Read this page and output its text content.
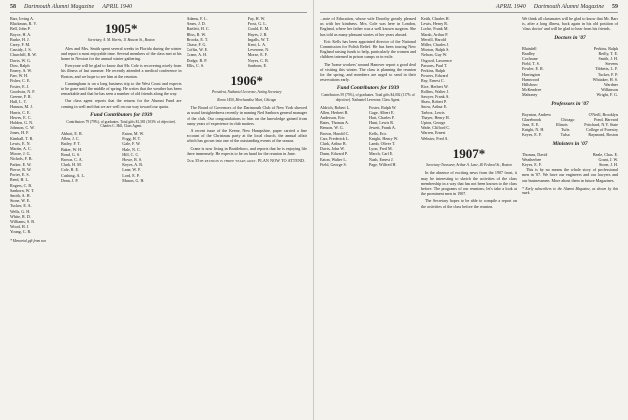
58 Dartmouth Alumni Magazine APRIL 1940
Barr, Irving A.
Blackman, R. V.
Bell, John P.
Boyce, H. A.
Burke, H. J.
Carey, F. M.
Cassidy, J. S.
Churchill, R. W.
Davis, W. G.
Dow, Ralph
Emery, A. W.
Farr, W. H.
Fisher, C. E.
Foster, E. J.
Goodwin, N. F.
Greene, F. R.
Hall, L. T.
Hanson, M. J.
Harris, C. E.
Hewes, E. C.
Holden, G. N.
Johnson, C. W.
Jones, H. F.
Kimball, T. R.
Lewis, E. N.
Martin, A. C.
Moore, J. G.
Nichols, F. B.
Parker, E. W.
Pierce, R. W.
Porter, E. S.
Reed, H. L.
Rogers, C. B.
Sanborn, W. T.
Smith, A. H.
Stone, W. E.
Tucker, E. A.
Wells, G. H.
White, R. D.
Williams, S. B.
Wood, H. J.
Young, C. R.
* Memorial gift from son
1905*
Secretary, A. M. Harris, 11 Beacon St., Boston

Alex and Mrs. Smith spent several weeks in Florida during the winter and report a most enjoyable time. Several members of the class met at his home in Newton for the annual winter gathering.

Everyone will be glad to know that Mr. Cole is recovering nicely from his illness of last summer. He recently attended a medical conference in Boston, and we hope to see him at the reunion.

Cunningham is on a long business trip to the West Coast and expects to be gone until the middle of spring. He writes that the weather has been remarkable and that he has seen a number of old friends along the way.

Our class agent reports that the returns for the Alumni Fund are coming in well and that we are well on our way toward our quota.

Fund Contributors for 1939
Contributors 79 (79%), of graduates. Total gifts $1,381 (103% of objective). Charles C. Hill, Class Agent.
Abbott, E. R.
Allen, J. C.
Bailey, F. T.
Baker, W. H.
Bond, G. S.
Brown, C. A.
Clark, H. M.
Cole, R. E.
Cushing, A. L.
Dean, J. P.
Eaton, M. W.
Fogg, H. T.
Gale, F. W.
Hale, N. C.
Hill, C. C.
Howe, R. S.
Keyes, A. B.
Lane, W. F.
Lord, E. P.
Mason, G. H.
Adams, F. L.
Ames, J. D.
Bartlett, H. C.
Bliss, R. W.
Brooks, E. T.
Chase, F. G.
Coffin, W. E.
Crane, A. H.
Dodge, R. P.
Ellis, C. S.
Fay, H. W.
Frost, G. L.
Gould, E. M.
Hayes, J. R.
Ingalls, W. T.
Kent, L. A.
Leverone, N.
Morse, E. F.
Noyes, C. B.
Sanborn, E.
1906*
President, Nathaniel Leverone, Acting Secretary
Room 1450, Merchandise Mart, Chicago

The Board of Governors of the Dartmouth Club of New York showed us usual farsightedness recently in naming Ned Sanborn general manager of the club. Our congratulations to him on the knowledge gained from many years of experience in club matters.

A recent issue of the Keene, New Hampshire, paper carried a fine account of the Christmas party at the local church, the annual affair which has grown into one of the outstanding events of the season.

Crane is now living in Brattleboro, and reports that he is enjoying life there immensely. He expects to be on hand for the reunion in June.

Our 35th reunion is three years away. PLAN NOW TO ATTEND.

APRIL 1940 Dartmouth Alumni Magazine 59

...note of Education, whose wife Dorothy greatly pleased us with her kindness. Mrs. Cole was here in London, England, where her father was a well known surgeon. She has told us many pleasant stories of her years abroad.

Eric Kells has been appointed director of the National Commission for Polish Relief. He has been touring New England raising funds to help, particularly the women and children interned in prison camps or in exile.

The 'home workers' around Hanover report a good deal of visiting this winter. The class is planning the reunion for the spring, and members are urged to send in their reservations early.

Fund Contributors for 1939
Contributors 59 (75%), of graduates. Total gifts $4,002 (117% of objective). Nathaniel Leverone, Class Agent.
Aldrich, Robert L.
Allen, Herbert B.
Anderson, Eric
Bates, Thomas A.
Benson, W. G.
Brown, Harold C.
Carr, Frederick L.
Clark, Arthur B.
Davis, John W.
Dunn, Edward P.
Eaton, Walter L.
Field, George S.
Foster, Ralph W.
Gage, Albert E.
Hart, Charles F.
Hunt, Lewis R.
Jewett, Frank A.
Kells, Eric
Knight, Henry W.
Lamb, Oliver T.
Lyon, Fred M.
March, Carl E.
Nash, Ernest J.
Page, Wilfred H.
Keith, Charles H.
Lewis, Henry R.
Locke, Frank M.
Marsh, Arthur P.
Merrill, Harold
Miller, Charles J.
Morton, Ralph S.
Nelson, Guy W.
Osgood, Lawrence
Parsons, Paul T.
Perkins, Ralph
Powers, Edward
Ray, Ernest C.
Rice, Herbert W.
Rollins, Walter J.
Sawyer, Frank A.
Shaw, Robert P.
Snow, Arthur E.
Tarbox, Lewis
Thayer, Henry H.
Upton, George
Wade, Clifford C.
Warren, Ernest
Webster, Fred A.
1907*
Secretary-Treasurer, Arthur A. Lane, 40 Federal St., Boston

In the absence of exciting news from the 1907 front, it may be interesting to sketch the activities of the class membership in a way that has not been known to the class before. The programs of our reunions, let's take a look at the prominent men in 1907.

The Secretary hopes to be able to compile a report on the activities of the class before the reunion.

We think all classmates will be glad to know that Mr. Barr is, after a long illness, back again in his old position of 'class doctor' and will be glad to hear from his friends.

Doctors in '07
Blaisdell	Perkins, Ralph
Bradley	Reilly, T. E.
Cochrane	Smith, J. H.
Field, T. S.	Stevens
Fowler, E. R.	Tibbetts, L. F.
Harrington	Tucker, F. P.
Hamwood	Whitaker, H. S.
Hillsboro	Wardner
McKendree	Wilkinson
Mahoney	Wright, F. G.
Professors in '07
Boynton, Andrew	O'Neill, Brooklyn
Glazebrook	Chicago	Pond, Harvard
Jean, E. E.	Illinois	Pritchard, N.Y. State
Knight, N. H.	Tufts	College of Forestry
Keyes, E. F.	Tulsa	Raymond, Boston
Ministers in '07
Thomas, David	Beale, Chas. E.
Weatherbee	Grant, J. W.
Keyes, E. F.	Stone, J. H.

This is by no means the whole story of professional men in '07. We have our engineers and our lawyers and our businessmen. More about them in future Magazines.

* Early subscribers to the Alumni Magazine, as shown by this mark.
